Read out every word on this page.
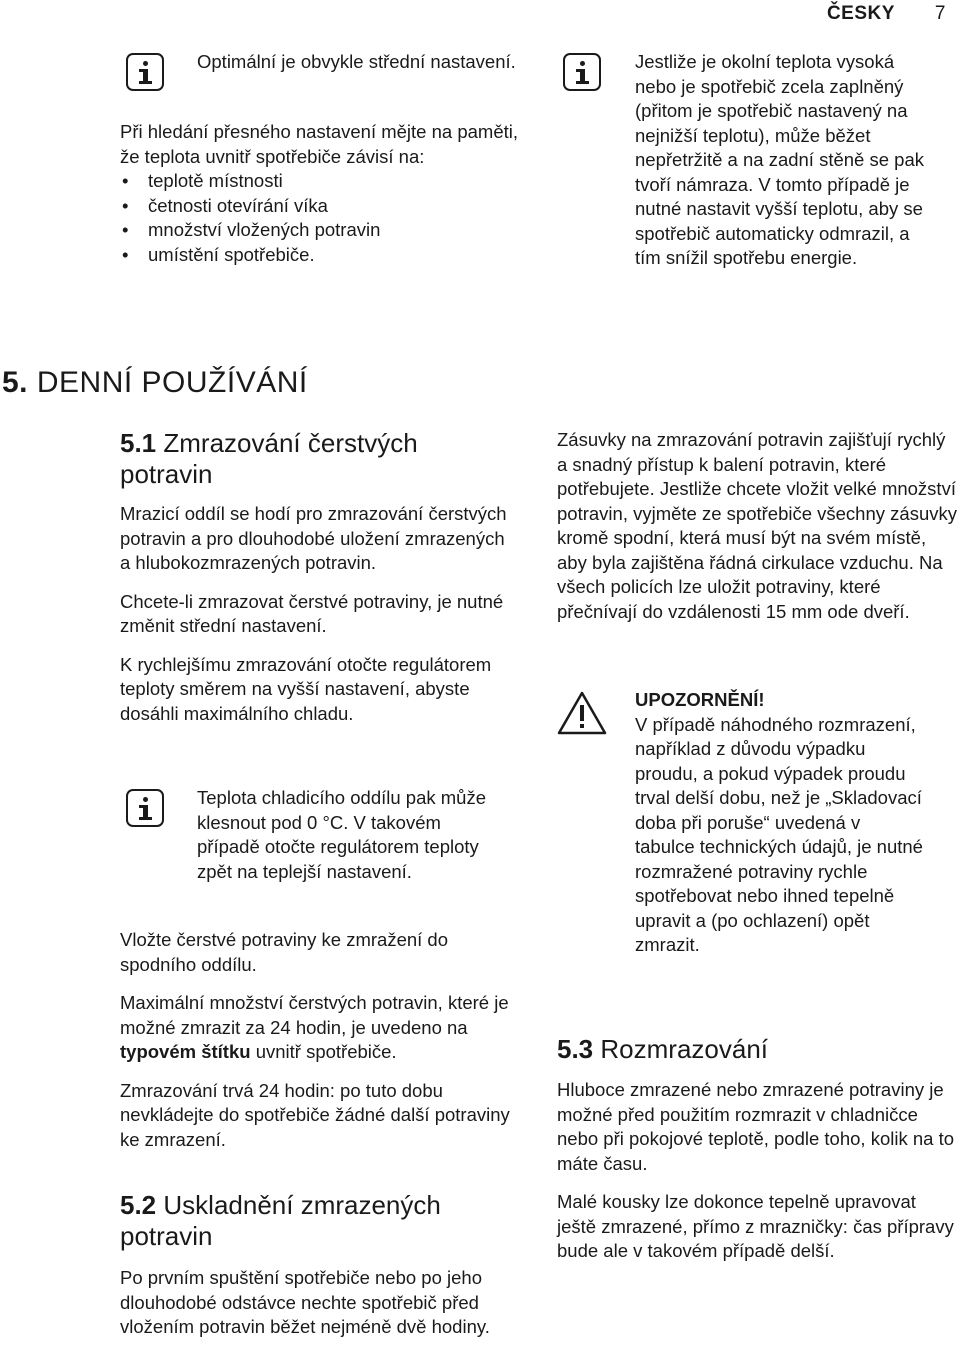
ČESKY 7
Optimální je obvykle střední nastavení.
Při hledání přesného nastavení mějte na paměti, že teplota uvnitř spotřebiče závisí na:
• teplotě místnosti
• četnosti otevírání víka
• množství vložených potravin
• umístění spotřebiče.
5. DENNÍ POUŽÍVÁNÍ
5.1 Zmrazování čerstvých potravin

Mrazicí oddíl se hodí pro zmrazování čerstvých potravin a pro dlouhodobé uložení zmrazených a hlubokozmrazených potravin.

Chcete-li zmrazovat čerstvé potraviny, je nutné změnit střední nastavení.

K rychlejšímu zmrazování otočte regulátorem teploty směrem na vyšší nastavení, abyste dosáhli maximálního chladu.

Teplota chladicího oddílu pak může klesnout pod 0 °C. V takovém případě otočte regulátorem teploty zpět na teplejší nastavení.

Vložte čerstvé potraviny ke zmražení do spodního oddílu.

Maximální množství čerstvých potravin, které je možné zmrazit za 24 hodin, je uvedeno na typovém štítku uvnitř spotřebiče.

Zmrazování trvá 24 hodin: po tuto dobu nevkládejte do spotřebiče žádné další potraviny ke zmrazení.

5.2 Uskladnění zmrazených potravin

Po prvním spuštění spotřebiče nebo po jeho dlouhodobé odstávce nechte spotřebič před vložením potravin běžet nejméně dvě hodiny.

Jestliže je okolní teplota vysoká nebo je spotřebič zcela zaplněný (přitom je spotřebič nastavený na nejnižší teplotu), může běžet nepřetržitě a na zadní stěně se pak tvoří námraza. V tomto případě je nutné nastavit vyšší teplotu, aby se spotřebič automaticky odmrazil, a tím snížil spotřebu energie.
Zásuvky na zmrazování potravin zajišťují rychlý a snadný přístup k balení potravin, které potřebujete. Jestliže chcete vložit velké množství potravin, vyjměte ze spotřebiče všechny zásuvky kromě spodní, která musí být na svém místě, aby byla zajištěna řádná cirkulace vzduchu. Na všech policích lze uložit potraviny, které přečnívají do vzdálenosti 15 mm ode dveří.
UPOZORNĚNÍ!
V případě náhodného rozmrazení, například z důvodu výpadku proudu, a pokud výpadek proudu trval delší dobu, než je „Skladovací doba při poruše“ uvedená v tabulce technických údajů, je nutné rozmražené potraviny rychle spotřebovat nebo ihned tepelně upravit a (po ochlazení) opět zmrazit.
5.3 Rozmrazování

Hluboce zmrazené nebo zmrazené potraviny je možné před použitím rozmrazit v chladničce nebo při pokojové teplotě, podle toho, kolik na to máte času.

Malé kousky lze dokonce tepelně upravovat ještě zmrazené, přímo z mrazničky: čas přípravy bude ale v takovém případě delší.
